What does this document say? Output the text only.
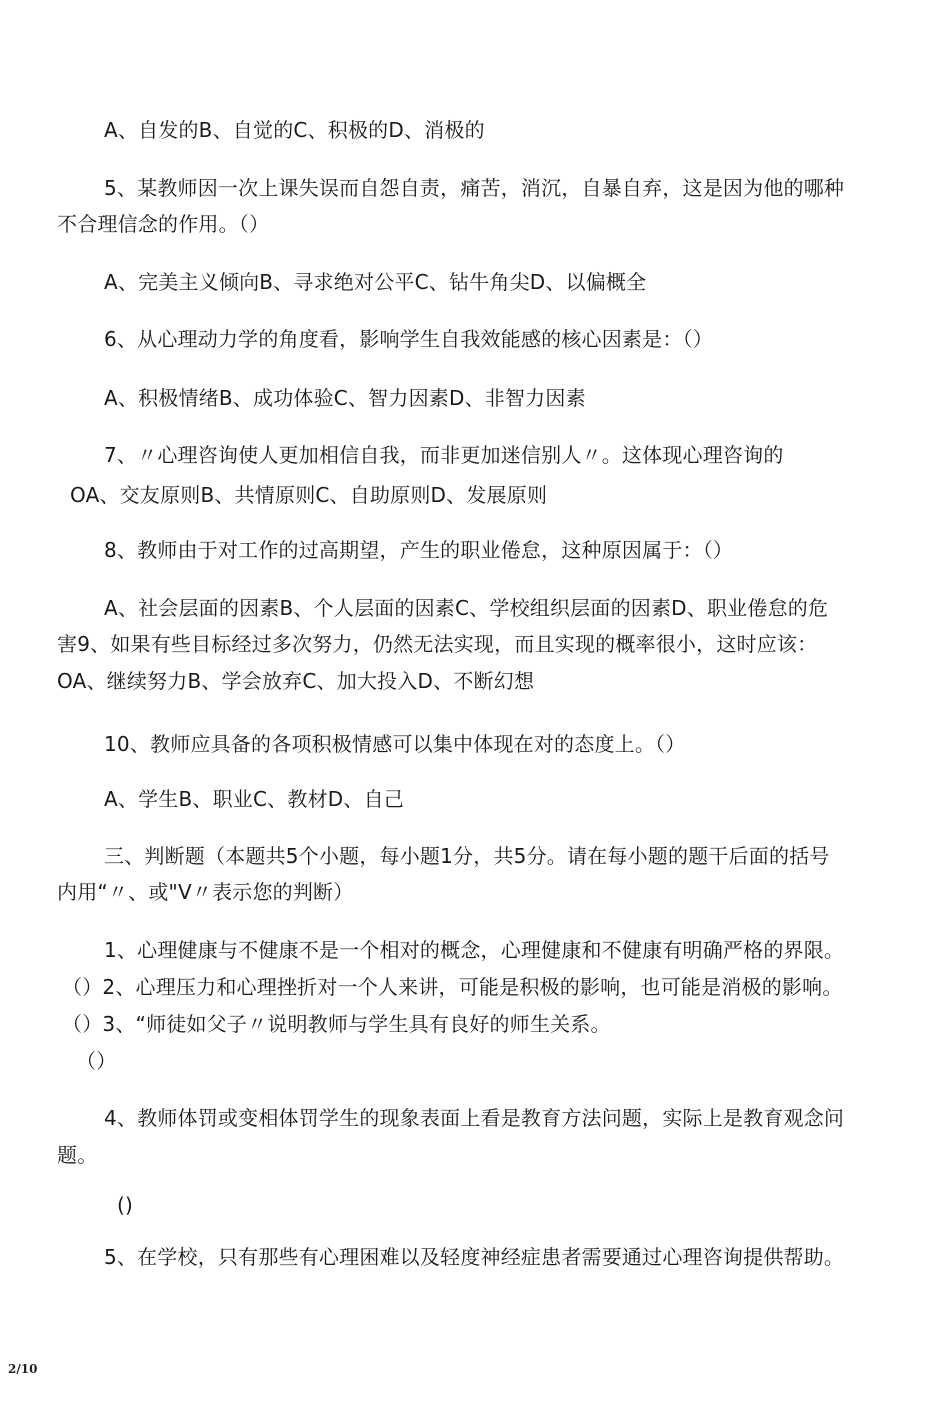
A、自发的B、自觉的C、积极的D、消极的
5、某教师因一次上课失误而自怨自责，痛苦，消沉，自暴自弃，这是因为他的哪种
不合理信念的作用。（）
A、完美主义倾向B、寻求绝对公平C、钻牛角尖D、以偏概全
6、从心理动力学的角度看，影响学生自我效能感的核心因素是：（）
A、积极情绪B、成功体验C、智力因素D、非智力因素
7、〃心理咨询使人更加相信自我，而非更加迷信别人〃。这体现心理咨询的
OA、交友原则B、共情原则C、自助原则D、发展原则
8、教师由于对工作的过高期望，产生的职业倦怠，这种原因属于：（）
A、社会层面的因素B、个人层面的因素C、学校组织层面的因素D、职业倦怠的危
害9、如果有些目标经过多次努力，仍然无法实现，而且实现的概率很小，这时应该：
OA、继续努力B、学会放弃C、加大投入D、不断幻想
10、教师应具备的各项积极情感可以集中体现在对的态度上。（）
A、学生B、职业C、教材D、自己
三、判断题（本题共5个小题，每小题1分，共5分。请在每小题的题干后面的括号
内用“〃、或"V〃表示您的判断）
1、心理健康与不健康不是一个相对的概念，心理健康和不健康有明确严格的界限。
（）2、心理压力和心理挫折对一个人来讲，可能是积极的影响，也可能是消极的影响。
（）3、“师徒如父子〃说明教师与学生具有良好的师生关系。
（）
4、教师体罚或变相体罚学生的现象表面上看是教育方法问题，实际上是教育观念问
题。
()
5、在学校，只有那些有心理困难以及轻度神经症患者需要通过心理咨询提供帮助。
2/10
